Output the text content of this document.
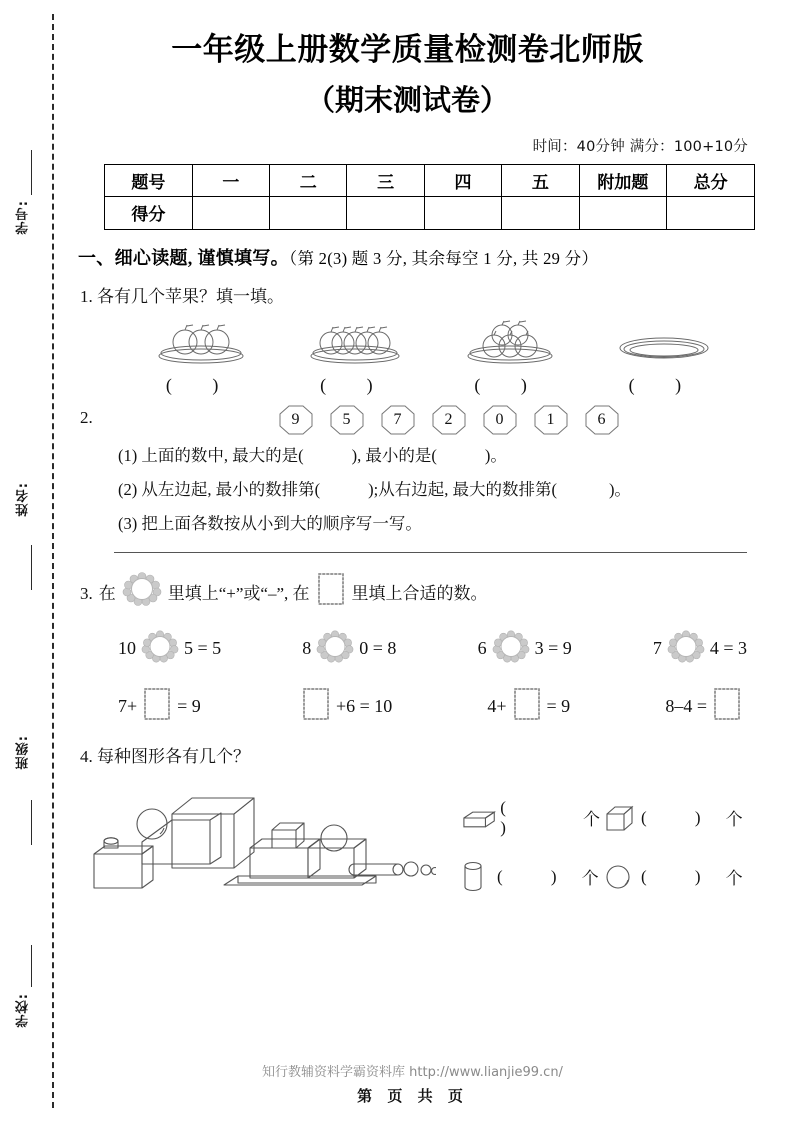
学号:
姓名:
班级:
学校:
一年级上册数学质量检测卷北师版
（期末测试卷）
时间：40分钟 满分：100+10分
题号	一	二	三	四	五	附加题	总分
得分							
一、细心读题, 谨慎填写。（第 2(3) 题 3 分, 其余每空 1 分, 共 29 分）
1. 各有几个苹果？填一填。
( )	( )	( )	( )
2.	9	5	7	2	0	1	6
(1) 上面的数中, 最大的是(	), 最小的是(	)。
(2) 从左边起, 最小的数排第(	);从右边起, 最大的数排第(	)。
(3) 把上面各数按从小到大的顺序写一写。
3. 在	里填上“+”或“–”, 在 里填上合适的数。
10	5 = 5	8	0 = 8	6	3 = 9	7	4 = 3
7+ = 9	+6 = 10	4+ = 9	8–4 =
4. 每种图形各有几个？
( )	个 ( ) 个
( ) 个 ( ) 个
知行教辅资料学霸资料库 http://www.lianjie99.cn/
第 页 共 页
